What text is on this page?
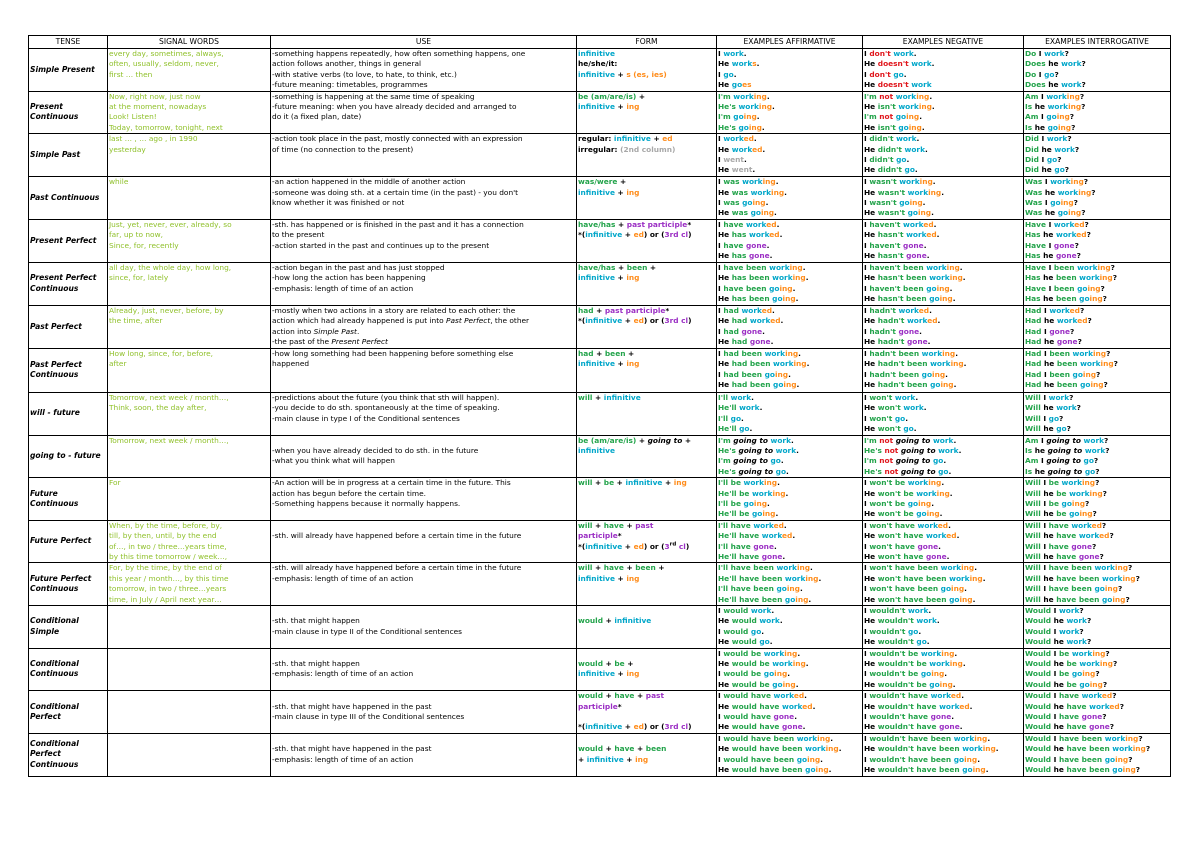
TENSE	SIGNAL WORDS	USE	FORM	EXAMPLES AFFIRMATIVE	EXAMPLES NEGATIVE	EXAMPLES INTERROGATIVE
Simple Present	every day, sometimes, always,
often, usually, seldom, never,
first … then	-something happens repeatedly, how often something happens, one
action follows another, things in general
-with stative verbs (to love, to hate, to think, etc.)
-future meaning: timetables, programmes	infinitive
he/she/it:
infinitive + s (es, ies)	I work.
He works.
I go.
He goes	I don't work.
He doesn't work.
I don't go.
He doesn't work	Do I work?
Does he work?
Do I go?
Does he work?

Present Continuous	Now, right now, just now
at the moment, nowadays
Look! Listen!
Today, tomorrow, tonight, next	-something is happening at the same time of speaking
-future meaning: when you have already decided and arranged to
do it (a fixed plan, date)	be (am/are/is) +
infinitive + ing	I'm working.
He's working.
I'm going.
He's going.	I'm not working.
He isn't working.
I'm not going.
He isn't going.	Am I working?
Is he working?
Am I going?
Is he going?

Simple Past	last … , … ago , in 1990
yesterday	-action took place in the past, mostly connected with an expression
of time (no connection to the present)	regular: infinitive + ed
irregular: (2nd column)	I worked.
He worked.
I went.
He went.	I didn't work.
He didn't work.
I didn't go.
He didn't go.	Did I work?
Did he work?
Did I go?
Did he go?

Past Continuous	while	-an action happened in the middle of another action
-someone was doing sth. at a certain time (in the past) - you don't
know whether it was finished or not	was/were +
infinitive + ing	I was working.
He was working.
I was going.
He was going.	I wasn't working.
He wasn't working.
I wasn't going.
He wasn't going.	Was I working?
Was he working?
Was I going?
Was he going?

Present Perfect	Just, yet, never, ever, already, so
far, up to now,
Since, for, recently	-sth. has happened or is finished in the past and it has a connection
to the present
-action started in the past and continues up to the present	have/has + past participle*
*(infinitive + ed) or (3rd cl)	I have worked.
He has worked.
I have gone.
He has gone.	I haven't worked.
He hasn't worked.
I haven't gone.
He hasn't gone.	Have I worked?
Has he worked?
Have I gone?
Has he gone?

Present Perfect Continuous	all day, the whole day, how long,
since, for, lately	-action began in the past and has just stopped
-how long the action has been happening
-emphasis: length of time of an action	have/has + been +
infinitive + ing	I have been working.
He has been working.
I have been going.
He has been going.	I haven't been working.
He hasn't been working.
I haven't been going.
He hasn't been going.	Have I been working?
Has he been working?
Have I been going?
Has he been going?

Past Perfect	Already, just, never, before, by
the time, after	-mostly when two actions in a story are related to each other: the
action which had already happened is put into Past Perfect, the other
action into Simple Past.
-the past of the Present Perfect	had + past participle*
*(infinitive + ed) or (3rd cl)	I had worked.
He had worked.
I had gone.
He had gone.	I hadn't worked.
He hadn't worked.
I hadn't gone.
He hadn't gone.	Had I worked?
Had he worked?
Had I gone?
Had he gone?

Past Perfect Continuous	How long, since, for, before,
after	-how long something had been happening before something else
happened	had + been +
infinitive + ing	I had been working.
He had been working.
I had been going.
He had been going.	I hadn't been working.
He hadn't been working.
I hadn't been going.
He hadn't been going.	Had I been working?
Had he been working?
Had I been going?
Had he been going?

will - future	Tomorrow, next week / month…,
Think, soon, the day after,	-predictions about the future (you think that sth will happen).
-you decide to do sth. spontaneously at the time of speaking.
-main clause in type I of the Conditional sentences	will + infinitive	I'll work.
He'll work.
I'll go.
He'll go.	I won't work.
He won't work.
I won't go.
He won't go.	Will I work?
Will he work?
Will I go?
Will he go?

going to - future	Tomorrow, next week / month…,	-when you have already decided to do sth. in the future
-what you think what will happen	be (am/are/is) + going to +
infinitive	I'm going to work.
He's going to work.
I'm going to go.
He's going to go.	I'm not going to work.
He's not going to work.
I'm not going to go.
He's not going to go.	Am I going to work?
Is he going to work?
Am I going to go?
Is he going to go?

Future Continuous	For	-An action will be in progress at a certain time in the future. This
action has begun before the certain time.
-Something happens because it normally happens.	will + be + infinitive + ing	I'll be working.
He'll be working.
I'll be going.
He'll be going.	I won't be working.
He won't be working.
I won't be going.
He won't be going.	Will I be working?
Will he be working?
Will I be going?
Will he be going?

Future Perfect	When, by the time, before, by,
till, by then, until, by the end
of…, in two / three…years time,
by this time tomorrow / week…,	-sth. will already have happened before a certain time in the future	will + have + past
participle*
*(infinitive + ed) or (3rd cl)	I'll have worked.
He'll have worked.
I'll have gone.
He'll have gone.	I won't have worked.
He won't have worked.
I won't have gone.
He won't have gone.	Will I have worked?
Will he have worked?
Will I have gone?
Will he have gone?

Future Perfect Continuous	For, by the time, by the end of
this year / month…, by this time
tomorrow, in two / three…years
time, in July / April next year…	-sth. will already have happened before a certain time in the future
-emphasis: length of time of an action	will + have + been +
infinitive + ing	I'll have been working.
He'll have been working.
I'll have been going.
He'll have been going.	I won't have been working.
He won't have been working.
I won't have been going.
He won't have been going.	Will I have been working?
Will he have been working?
Will I have been going?
Will he have been going?

Conditional Simple		-sth. that might happen
-main clause in type II of the Conditional sentences	would + infinitive	I would work.
He would work.
I would go.
He would go.	I wouldn't work.
He wouldn't work.
I wouldn't go.
He wouldn't go.	Would I work?
Would he work?
Would I work?
Would he work?

Conditional Continuous		-sth. that might happen
-emphasis: length of time of an action	would + be +
infinitive + ing	I would be working.
He would be working.
I would be going.
He would be going.	I wouldn't be working.
He wouldn't be working.
I wouldn't be going.
He wouldn't be going.	Would I be working?
Would he be working?
Would I be going?
Would he be going?

Conditional Perfect		-sth. that might have happened in the past
-main clause in type III of the Conditional sentences	would + have + past
participle*

*(infinitive + ed) or (3rd cl)	I would have worked.
He would have worked.
I would have gone.
He would have gone.	I wouldn't have worked.
He wouldn't have worked.
I wouldn't have gone.
He wouldn't have gone.	Would I have worked?
Would he have worked?
Would I have gone?
Would he have gone?

Conditional Perfect Continuous		-sth. that might have happened in the past
-emphasis: length of time of an action	would + have + been
+ infinitive + ing	I would have been working.
He would have been working.
I would have been going.
He would have been going.	I wouldn't have been working.
He wouldn't have been working.
I wouldn't have been going.
He wouldn't have been going.	Would I have been working?
Would he have been working?
Would I have been going?
Would he have been going?
